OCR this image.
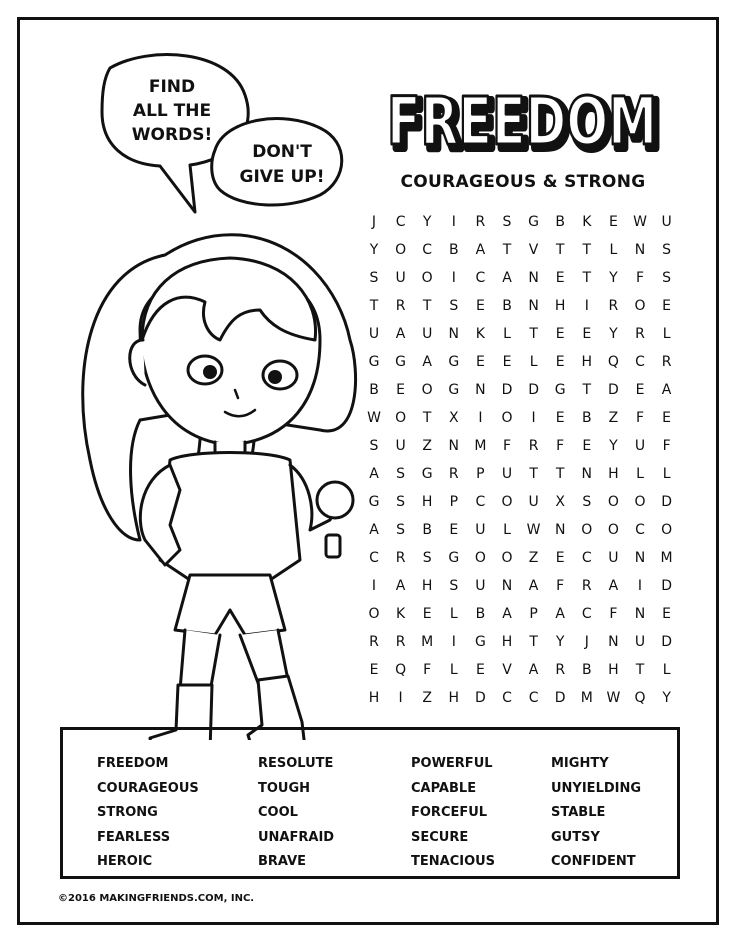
FIND
ALL THE
WORDS!
DON'T
GIVE UP!
FREEDOM
FREEDOM
COURAGEOUS & STRONG
J	C	Y	I	R	S	G	B	K	E	W	U
Y	O	C	B	A	T	V	T	T	L	N	S
S	U	O	I	C	A	N	E	T	Y	F	S
T	R	T	S	E	B	N	H	I	R	O	E
U	A	U	N	K	L	T	E	E	Y	R	L
G	G	A	G	E	E	L	E	H	Q	C	R
B	E	O	G	N	D	D	G	T	D	E	A
W	O	T	X	I	O	I	E	B	Z	F	E
S	U	Z	N	M	F	R	F	E	Y	U	F
A	S	G	R	P	U	T	T	N	H	L	L
G	S	H	P	C	O	U	X	S	O	O	D
A	S	B	E	U	L	W	N	O	O	C	O
C	R	S	G	O	O	Z	E	C	U	N	M
I	A	H	S	U	N	A	F	R	A	I	D
O	K	E	L	B	A	P	A	C	F	N	E
R	R	M	I	G	H	T	Y	J	N	U	D
E	Q	F	L	E	V	A	R	B	H	T	L
H	I	Z	H	D	C	C	D	M W	Q	Y
FREEDOM
COURAGEOUS
STRONG
FEARLESS
HEROIC
RESOLUTE
TOUGH
COOL
UNAFRAID
BRAVE
POWERFUL
CAPABLE
FORCEFUL
SECURE
TENACIOUS
MIGHTY
UNYIELDING
STABLE
GUTSY
CONFIDENT
©2016 MAKINGFRIENDS.COM, INC.
